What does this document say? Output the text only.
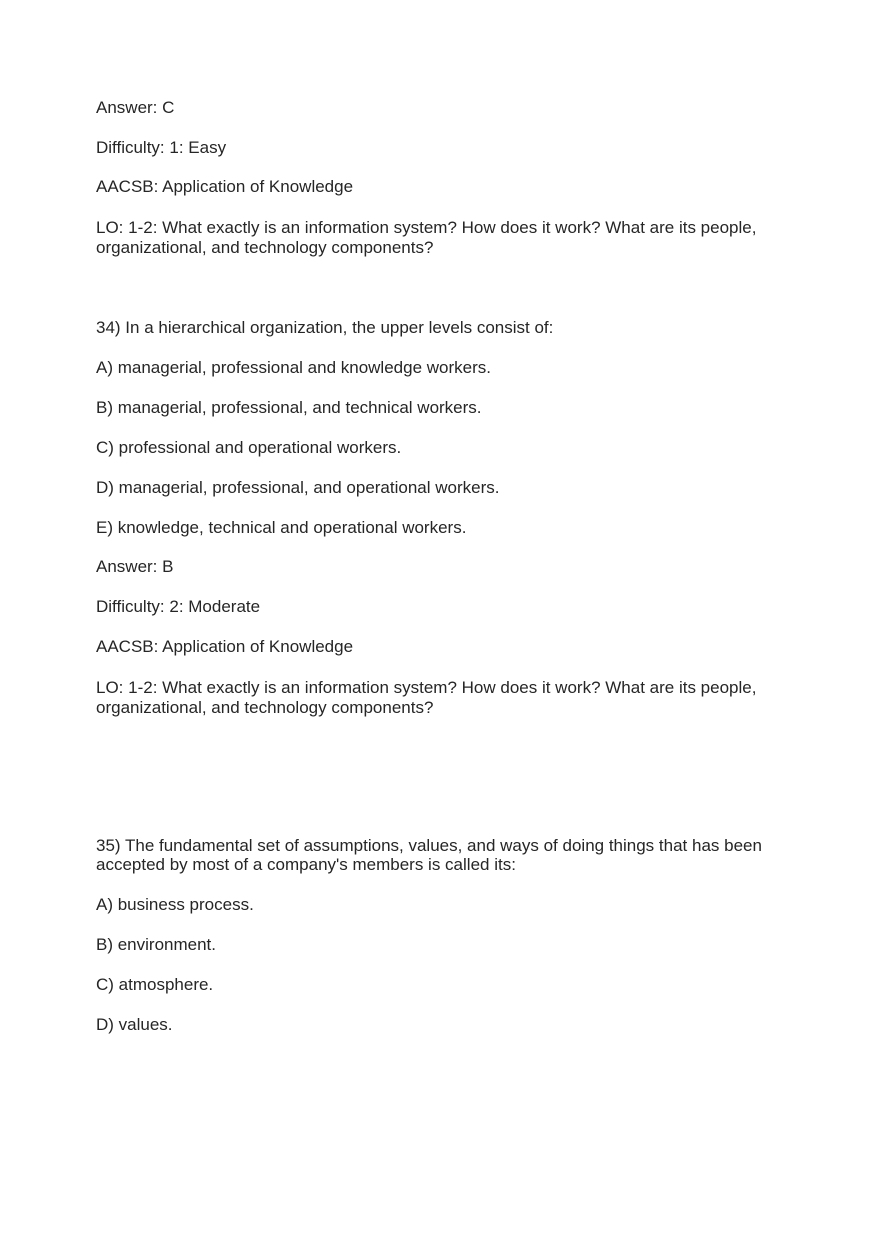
Answer: C
Difficulty: 1: Easy
AACSB: Application of Knowledge
LO: 1-2: What exactly is an information system? How does it work? What are its people,
organizational, and technology components?
34) In a hierarchical organization, the upper levels consist of:
A) managerial, professional and knowledge workers.
B) managerial, professional, and technical workers.
C) professional and operational workers.
D) managerial, professional, and operational workers.
E) knowledge, technical and operational workers.
Answer: B
Difficulty: 2: Moderate
AACSB: Application of Knowledge
LO: 1-2: What exactly is an information system? How does it work? What are its people,
organizational, and technology components?
35) The fundamental set of assumptions, values, and ways of doing things that has been
accepted by most of a company's members is called its:
A) business process.
B) environment.
C) atmosphere.
D) values.
